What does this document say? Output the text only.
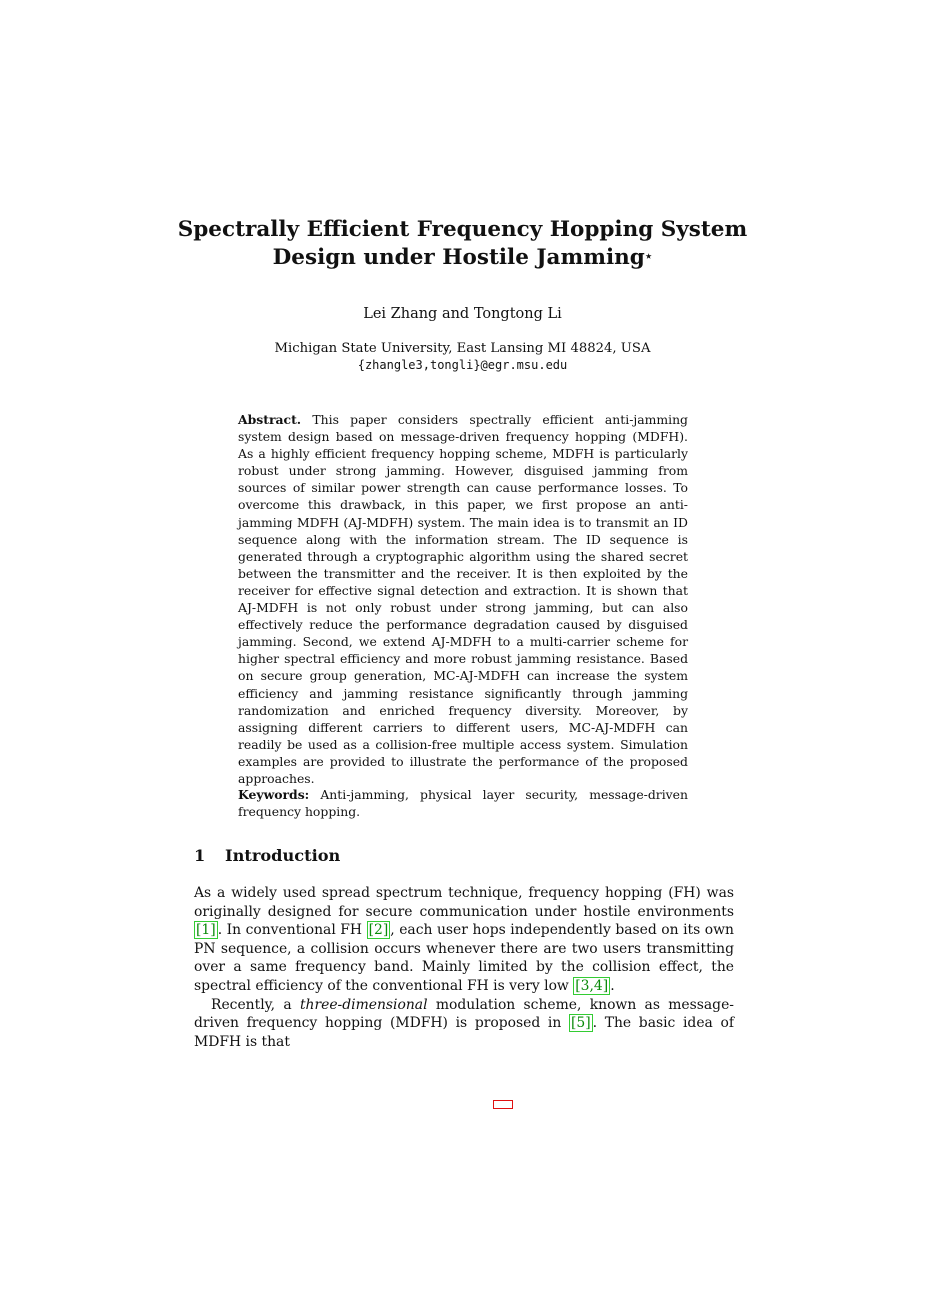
Spectrally Efficient Frequency Hopping System
Design under Hostile Jamming⋆
Lei Zhang and Tongtong Li
Michigan State University, East Lansing MI 48824, USA
{zhangle3,tongli}@egr.msu.edu
Abstract. This paper considers spectrally efficient anti-jamming system design based on message-driven frequency hopping (MDFH). As a highly efficient frequency hopping scheme, MDFH is particularly robust under strong jamming. However, disguised jamming from sources of similar power strength can cause performance losses. To overcome this drawback, in this paper, we first propose an anti-jamming MDFH (AJ-MDFH) system. The main idea is to transmit an ID sequence along with the information stream. The ID sequence is generated through a cryptographic algorithm using the shared secret between the transmitter and the receiver. It is then exploited by the receiver for effective signal detection and extraction. It is shown that AJ-MDFH is not only robust under strong jamming, but can also effectively reduce the performance degradation caused by disguised jamming. Second, we extend AJ-MDFH to a multi-carrier scheme for higher spectral efficiency and more robust jamming resistance. Based on secure group generation, MC-AJ-MDFH can increase the system efficiency and jamming resistance significantly through jamming randomization and enriched frequency diversity. Moreover, by assigning different carriers to different users, MC-AJ-MDFH can readily be used as a collision-free multiple access system. Simulation examples are provided to illustrate the performance of the proposed approaches.
Keywords: Anti-jamming, physical layer security, message-driven frequency hopping.
1 Introduction

As a widely used spread spectrum technique, frequency hopping (FH) was originally designed for secure communication under hostile environments [1] . In conventional FH [2] , each user hops independently based on its own PN sequence, a collision occurs whenever there are two users transmitting over a same frequency band. Mainly limited by the collision effect, the spectral efficiency of the conventional FH is very low [3,4] .

Recently, a three-dimensional modulation scheme, known as message-driven frequency hopping (MDFH) is proposed in [5] . The basic idea of MDFH is that
